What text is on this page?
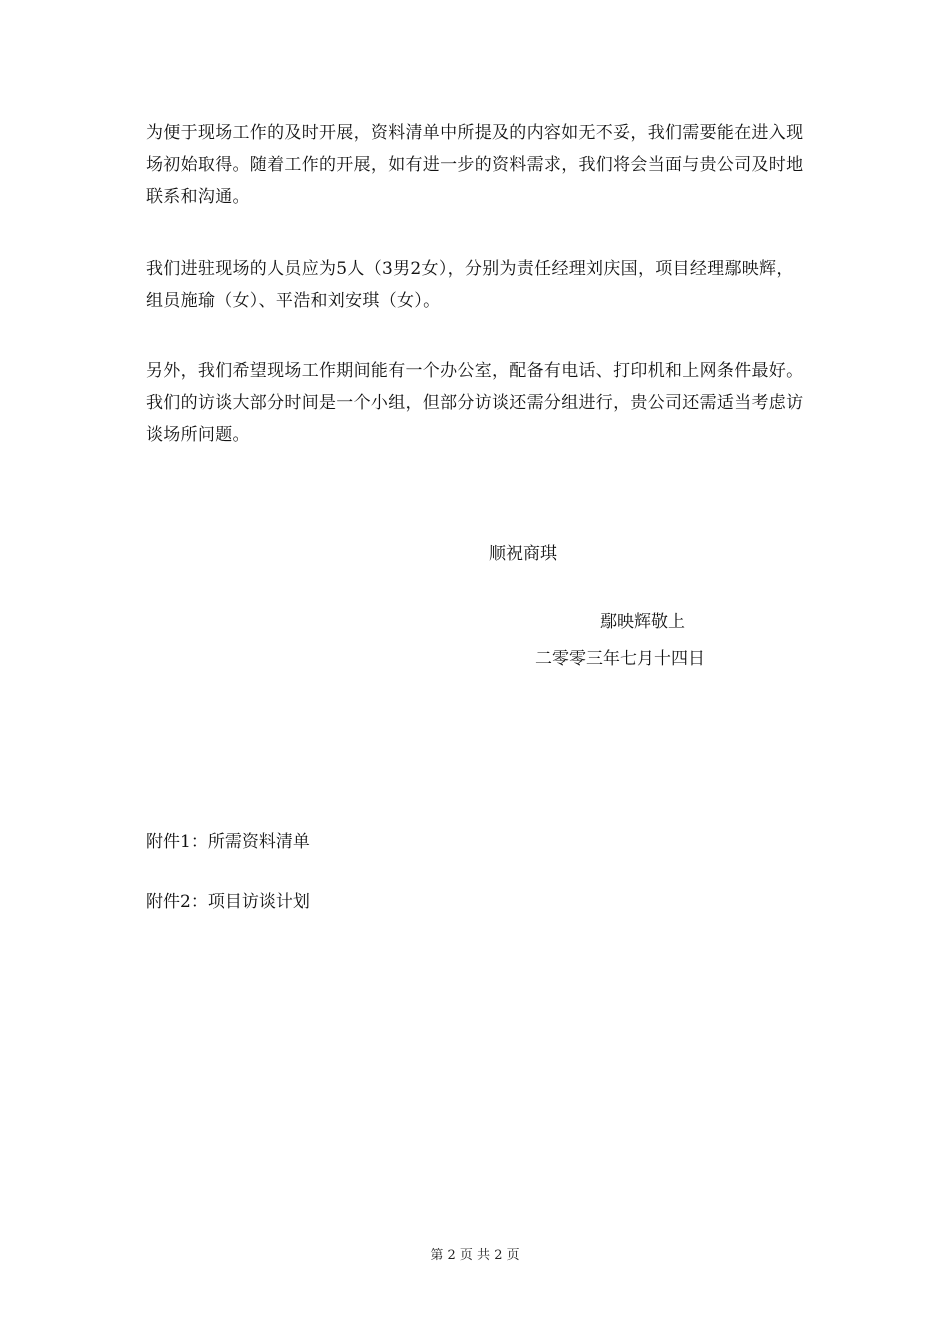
为便于现场工作的及时开展，资料清单中所提及的内容如无不妥，我们需要能在进入现场初始取得。随着工作的开展，如有进一步的资料需求，我们将会当面与贵公司及时地联系和沟通。

我们进驻现场的人员应为5人（3男2女），分别为责任经理刘庆国，项目经理鄢映辉，组员施瑜（女）、平浩和刘安琪（女）。

另外，我们希望现场工作期间能有一个办公室，配备有电话、打印机和上网条件最好。我们的访谈大部分时间是一个小组，但部分访谈还需分组进行，贵公司还需适当考虑访谈场所问题。

顺祝商琪

鄢映辉敬上

二零零三年七月十四日

附件1：所需资料清单

附件2：项目访谈计划

第 2 页 共 2 页
